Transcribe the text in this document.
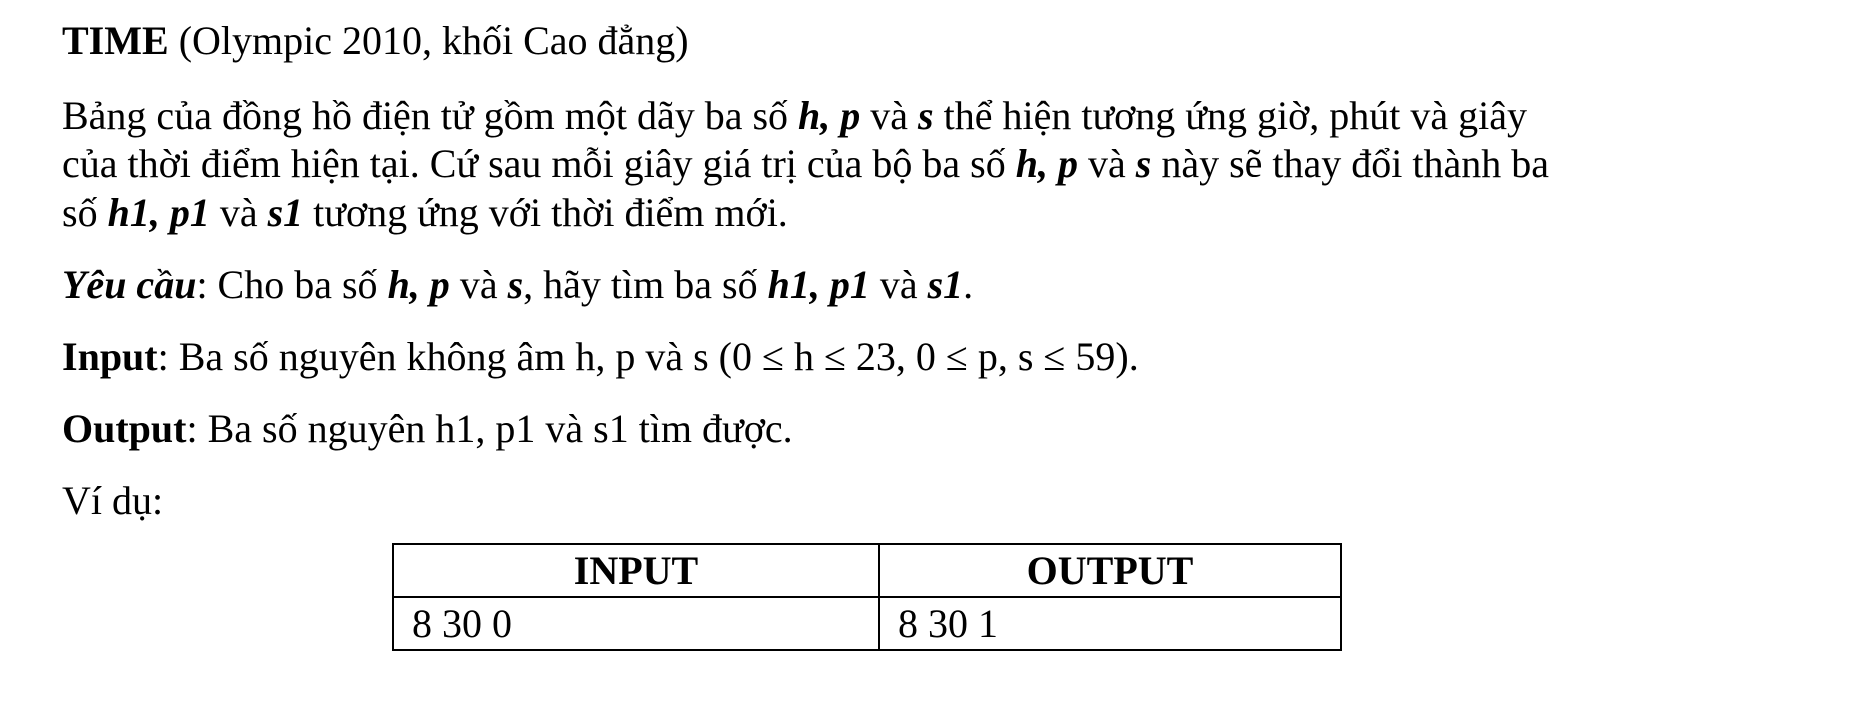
TIME (Olympic 2010, khối Cao đẳng)
Bảng của đồng hồ điện tử gồm một dãy ba số h, p và s thể hiện tương ứng giờ, phút và giây
của thời điểm hiện tại. Cứ sau mỗi giây giá trị của bộ ba số h, p và s này sẽ thay đổi thành ba
số h1, p1 và s1 tương ứng với thời điểm mới.
Yêu cầu: Cho ba số h, p và s, hãy tìm ba số h1, p1 và s1.
Input: Ba số nguyên không âm h, p và s (0 ≤ h ≤ 23, 0 ≤ p, s ≤ 59).
Output: Ba số nguyên h1, p1 và s1 tìm được.
Ví dụ:
INPUT	OUTPUT
8 30 0	8 30 1
